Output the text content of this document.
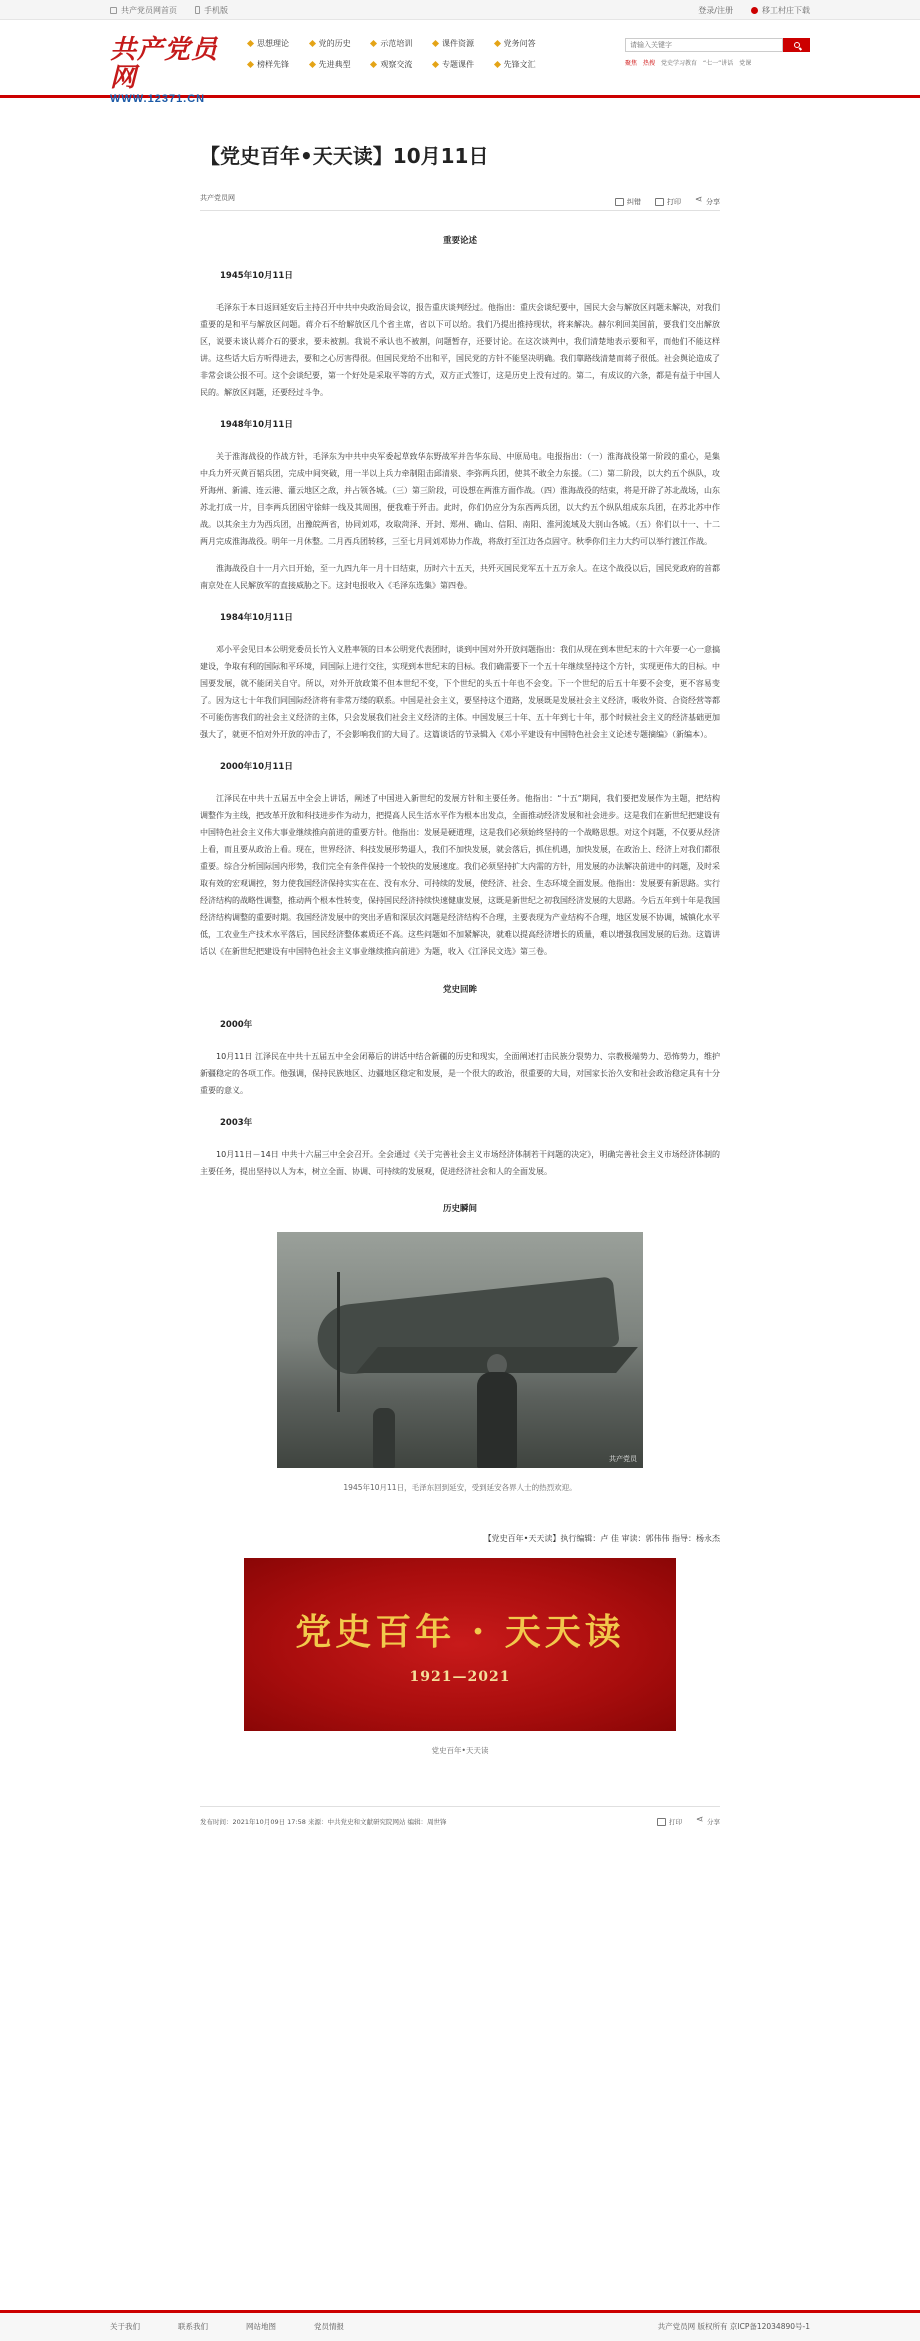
共产党员网首页	手机版	登录/注册	移工村庄下载
共产党员网
WWW.12371.CN
思想理论	党的历史	示范培训	课件资源	党务问答
榜样先锋	先进典型	观察交流	专题课件	先锋文汇
请输入关键字	聚焦 热搜 党史学习教育 “七一”讲话 党课
【党史百年•天天读】10月11日
共产党员网	纠错	打印 ⋖	分享
重要论述
1945年10月11日

毛泽东于本日返回延安后主持召开中共中央政治局会议，报告重庆谈判经过。他指出：重庆会谈纪要中，国民大会与解放区问题未解决，对我们重要的是和平与解放区问题。蒋介石不给解放区几个省主席，省以下可以给。我们乃提出推持现状，将来解决。赫尔利回美国前，要我们交出解放区，说要未谈认蒋介石的要求，要未被割。我说不承认也不被割，问题暂存，还要讨论。在这次谈判中，我们清楚地表示要和平，而他们不能这样讲。这些话大后方听得进去，要和之心厉害得很。但国民党给不出和平，国民党的方针不能坚决明确。我们靠路线清楚而蒋子很低。社会舆论造成了非常会谈公报不可。这个会谈纪要，第一个好处是采取平等的方式，双方正式签订，这是历史上没有过的。第二，有成议的六条，都是有益于中国人民的。解放区问题，还要经过斗争。

1948年10月11日

关于淮海战役的作战方针，毛泽东为中共中央军委起草致华东野战军并告华东局、中原局电。电报指出：（一）淮海战役第一阶段的重心，是集中兵力歼灭黄百韬兵团，完成中间突破，用一半以上兵力牵制阻击邱清泉、李弥两兵团，使其不敢全力东援。（二）第二阶段，以大约五个纵队，攻歼海州、新浦、连云港、灌云地区之敌，并占领各城。（三）第三阶段，可设想在两淮方面作战。（四）淮海战役的结束，将是开辟了苏北战场，山东苏北打成一片，目李两兵团困守徐蚌一线及其周围，便我难于歼击。此时，你们仍应分为东西两兵团，以大约五个纵队组成东兵团，在苏北苏中作战。以其余主力为西兵团，出豫皖两省，协同刘邓，攻取菏泽、开封、郑州、确山、信阳、南阳、淮河流域及大别山各城。（五）你们以十一、十二两月完成淮海战役。明年一月休整。二月西兵团转移，三至七月同刘邓协力作战，将敌打至江边各点固守。秋季你们主力大约可以举行渡江作战。

淮海战役自十一月六日开始，至一九四九年一月十日结束，历时六十五天，共歼灭国民党军五十五万余人。在这个战役以后，国民党政府的首都南京处在人民解放军的直接威胁之下。这封电报收入《毛泽东选集》第四卷。

1984年10月11日

邓小平会见日本公明党委员长竹入义胜率领的日本公明党代表团时，谈到中国对外开放问题指出：我们从现在到本世纪末的十六年要一心一意搞建设，争取有利的国际和平环境，同国际上进行交往，实现到本世纪末的目标。我们确需要下一个五十年继续坚持这个方针，实现更伟大的目标。中国要发展，就不能闭关自守。所以，对外开放政策不但本世纪不变，下个世纪的头五十年也不会变。下一个世纪的后五十年要不会变，更不容易变了。因为这七十年我们同国际经济将有非常万缕的联系。中国是社会主义，要坚持这个道路，发展既是发展社会主义经济，吸收外资、合资经营等都不可能伤害我们的社会主义经济的主体，只会发展我们社会主义经济的主体。中国发展三十年、五十年到七十年，那个时候社会主义的经济基础更加强大了，就更不怕对外开放的冲击了，不会影响我们的大局了。这篇谈话的节录辑入《邓小平建设有中国特色社会主义论述专题摘编》（新编本）。

2000年10月11日

江泽民在中共十五届五中全会上讲话，阐述了中国进入新世纪的发展方针和主要任务。他指出：“十五”期间，我们要把发展作为主题，把结构调整作为主线，把改革开放和科技进步作为动力，把提高人民生活水平作为根本出发点，全面推动经济发展和社会进步。这是我们在新世纪把建设有中国特色社会主义伟大事业继续推向前进的重要方针。他指出：发展是硬道理，这是我们必须始终坚持的一个战略思想。对这个问题，不仅要从经济上看，而且要从政治上看。现在，世界经济、科技发展形势逼人，我们不加快发展，就会落后，抓住机遇，加快发展，在政治上、经济上对我们都很重要。综合分析国际国内形势，我们完全有条件保持一个较快的发展速度。我们必须坚持扩大内需的方针，用发展的办法解决前进中的问题，及时采取有效的宏观调控，努力使我国经济保持实实在在、没有水分、可持续的发展，使经济、社会、生态环境全面发展。他指出：发展要有新思路。实行经济结构的战略性调整，推动两个根本性转变，保持国民经济持续快速健康发展，这既是新世纪之初我国经济发展的大思路。今后五年到十年是我国经济结构调整的重要时期。我国经济发展中的突出矛盾和深层次问题是经济结构不合理，主要表现为产业结构不合理，地区发展不协调，城镇化水平低，工农业生产技术水平落后，国民经济整体素质还不高。这些问题如不加紧解决，就难以提高经济增长的质量，难以增强我国发展的后劲。这篇讲话以《在新世纪把建设有中国特色社会主义事业继续推向前进》为题，收入《江泽民文选》第三卷。

党史回眸
2000年

10月11日 江泽民在中共十五届五中全会闭幕后的讲话中结合新疆的历史和现实，全面阐述打击民族分裂势力、宗教极端势力、恐怖势力，维护新疆稳定的各项工作。他强调，保持民族地区、边疆地区稳定和发展，是一个很大的政治，很重要的大局，对国家长治久安和社会政治稳定具有十分重要的意义。

2003年

10月11日－14日 中共十六届三中全会召开。全会通过《关于完善社会主义市场经济体制若干问题的决定》，明确完善社会主义市场经济体制的主要任务，提出坚持以人为本，树立全面、协调、可持续的发展观，促进经济社会和人的全面发展。

历史瞬间
共产党员
1945年10月11日，毛泽东回到延安，受到延安各界人士的热烈欢迎。
【党史百年•天天读】执行编辑：卢 佳 审读：郭伟伟 指导：杨永杰
党史百年 · 天天读
1921—2021
党史百年•天天读
发布时间：2021年10月09日 17:58 来源：中共党史和文献研究院网站 编辑：周世锋	打印 ⋖	分享
关于我们	联系我们	网站地图	党员情报	共产党员网 版权所有 京ICP备12034890号-1
